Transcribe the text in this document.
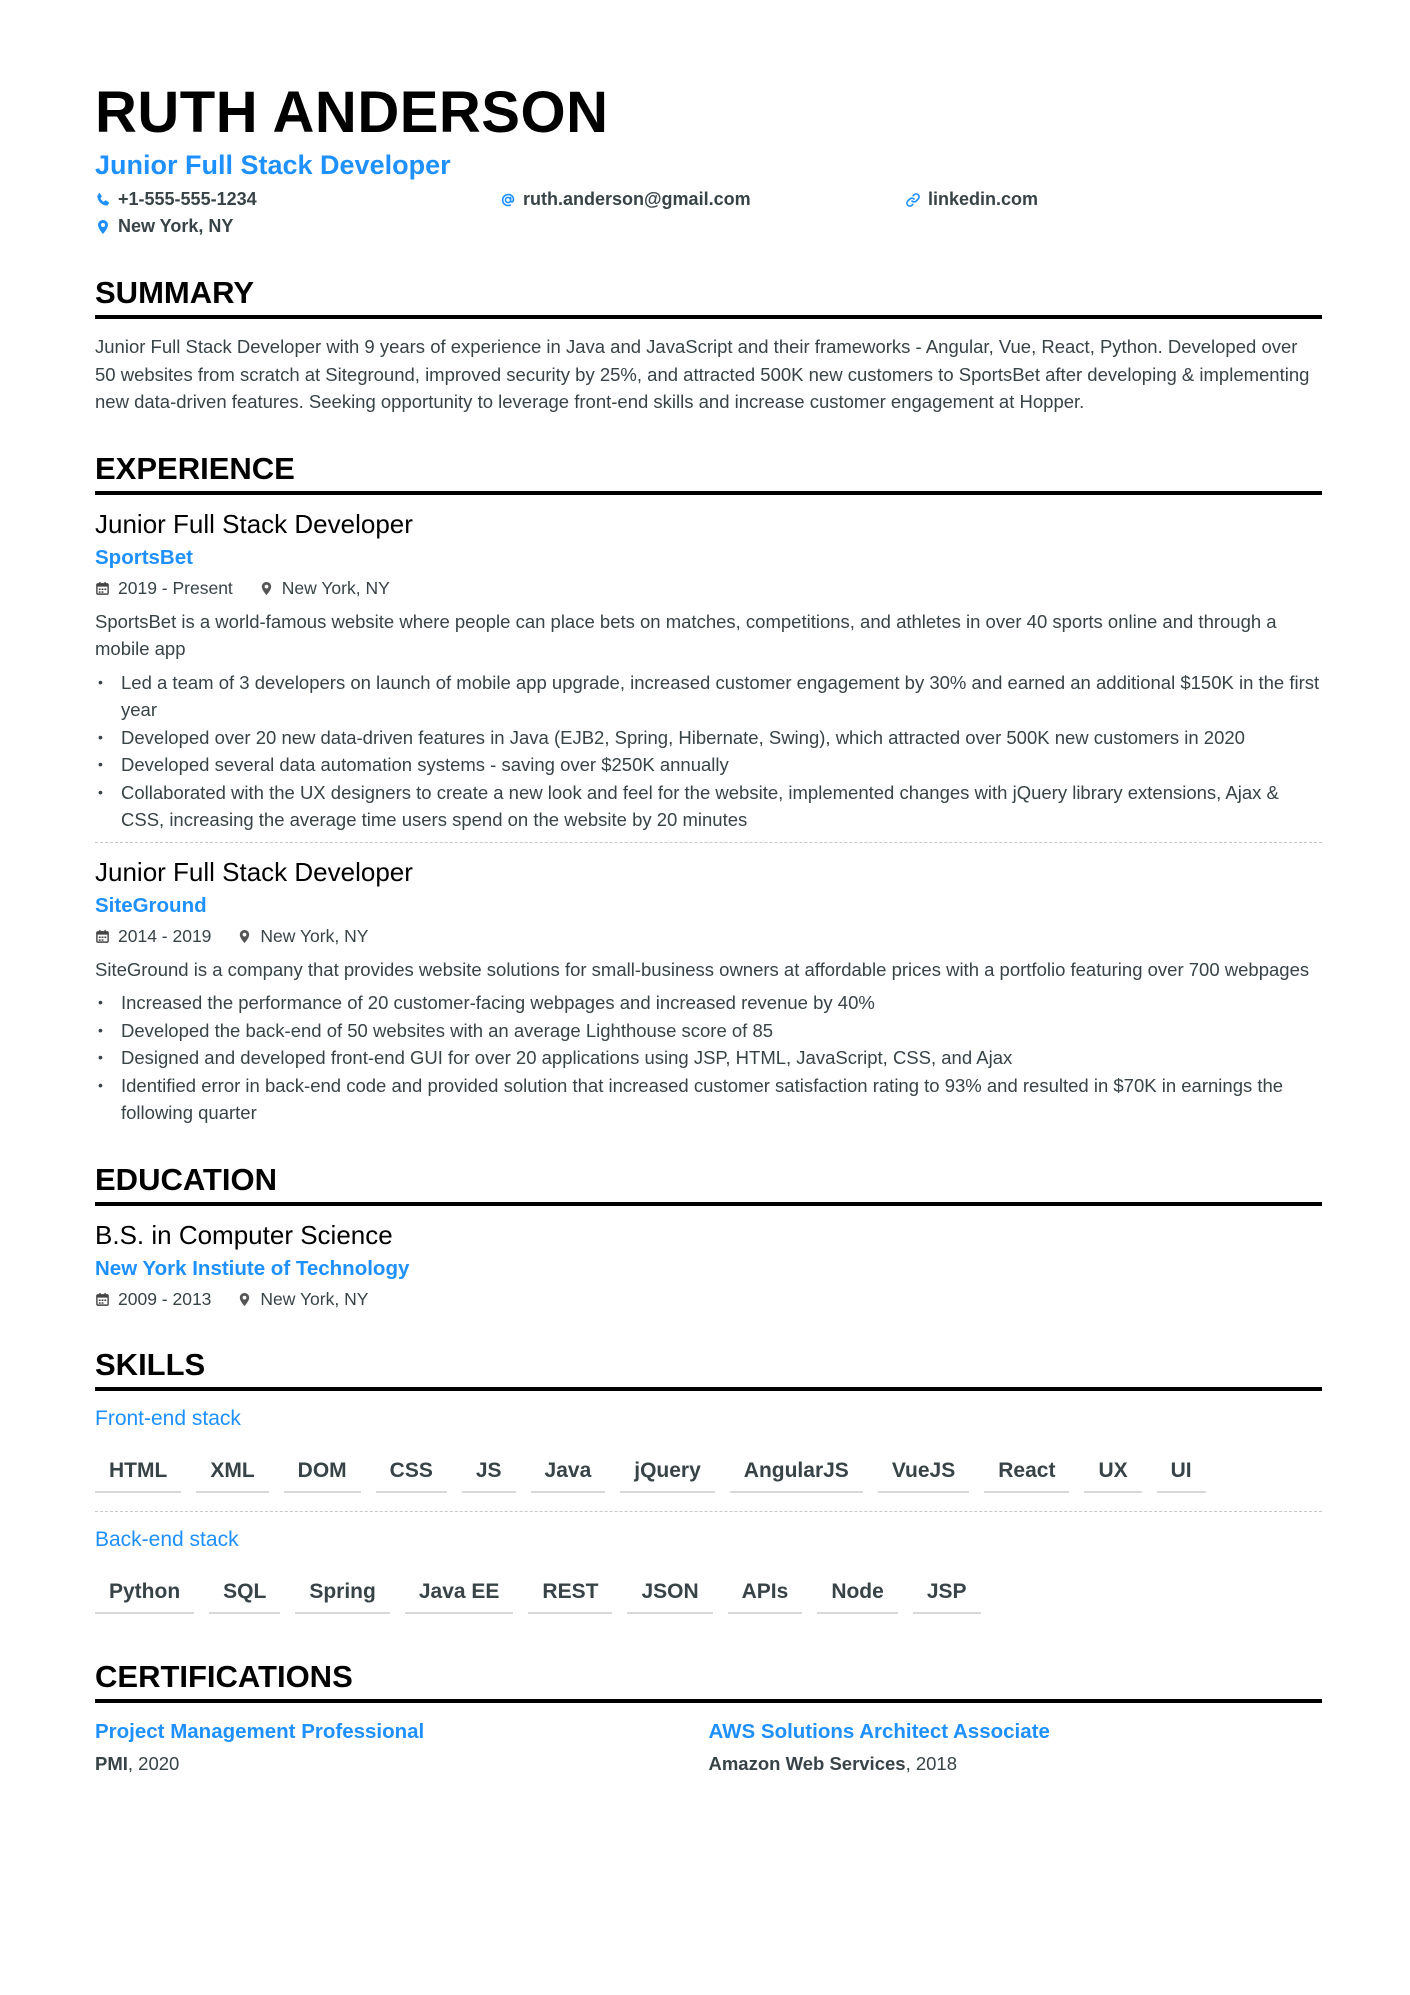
RUTH ANDERSON
Junior Full Stack Developer
+1-555-555-1234	ruth.anderson@gmail.com	linkedin.com
New York, NY
SUMMARY
Junior Full Stack Developer with 9 years of experience in Java and JavaScript and their frameworks - Angular, Vue, React, Python. Developed over 50 websites from scratch at Siteground, improved security by 25%, and attracted 500K new customers to SportsBet after developing & implementing new data-driven features. Seeking opportunity to leverage front-end skills and increase customer engagement at Hopper.
EXPERIENCE
Junior Full Stack Developer
SportsBet
2019 - Present	New York, NY
SportsBet is a world-famous website where people can place bets on matches, competitions, and athletes in over 40 sports online and through a mobile app
• Led a team of 3 developers on launch of mobile app upgrade, increased customer engagement by 30% and earned an additional $150K in the first year
• Developed over 20 new data-driven features in Java (EJB2, Spring, Hibernate, Swing), which attracted over 500K new customers in 2020
• Developed several data automation systems - saving over $250K annually
• Collaborated with the UX designers to create a new look and feel for the website, implemented changes with jQuery library extensions, Ajax & CSS, increasing the average time users spend on the website by 20 minutes
Junior Full Stack Developer
SiteGround
2014 - 2019	New York, NY
SiteGround is a company that provides website solutions for small-business owners at affordable prices with a portfolio featuring over 700 webpages
• Increased the performance of 20 customer-facing webpages and increased revenue by 40%
• Developed the back-end of 50 websites with an average Lighthouse score of 85
• Designed and developed front-end GUI for over 20 applications using JSP, HTML, JavaScript, CSS, and Ajax
• Identified error in back-end code and provided solution that increased customer satisfaction rating to 93% and resulted in $70K in earnings the following quarter
EDUCATION
B.S. in Computer Science
New York Instiute of Technology
2009 - 2013	New York, NY
SKILLS
Front-end stack
HTML	XML	DOM	CSS	JS	Java	jQuery	AngularJS	VueJS	React	UX	UI
Back-end stack
Python	SQL	Spring	Java EE	REST	JSON	APIs	Node	JSP
CERTIFICATIONS
Project Management Professional
PMI, 2020
AWS Solutions Architect Associate
Amazon Web Services, 2018
